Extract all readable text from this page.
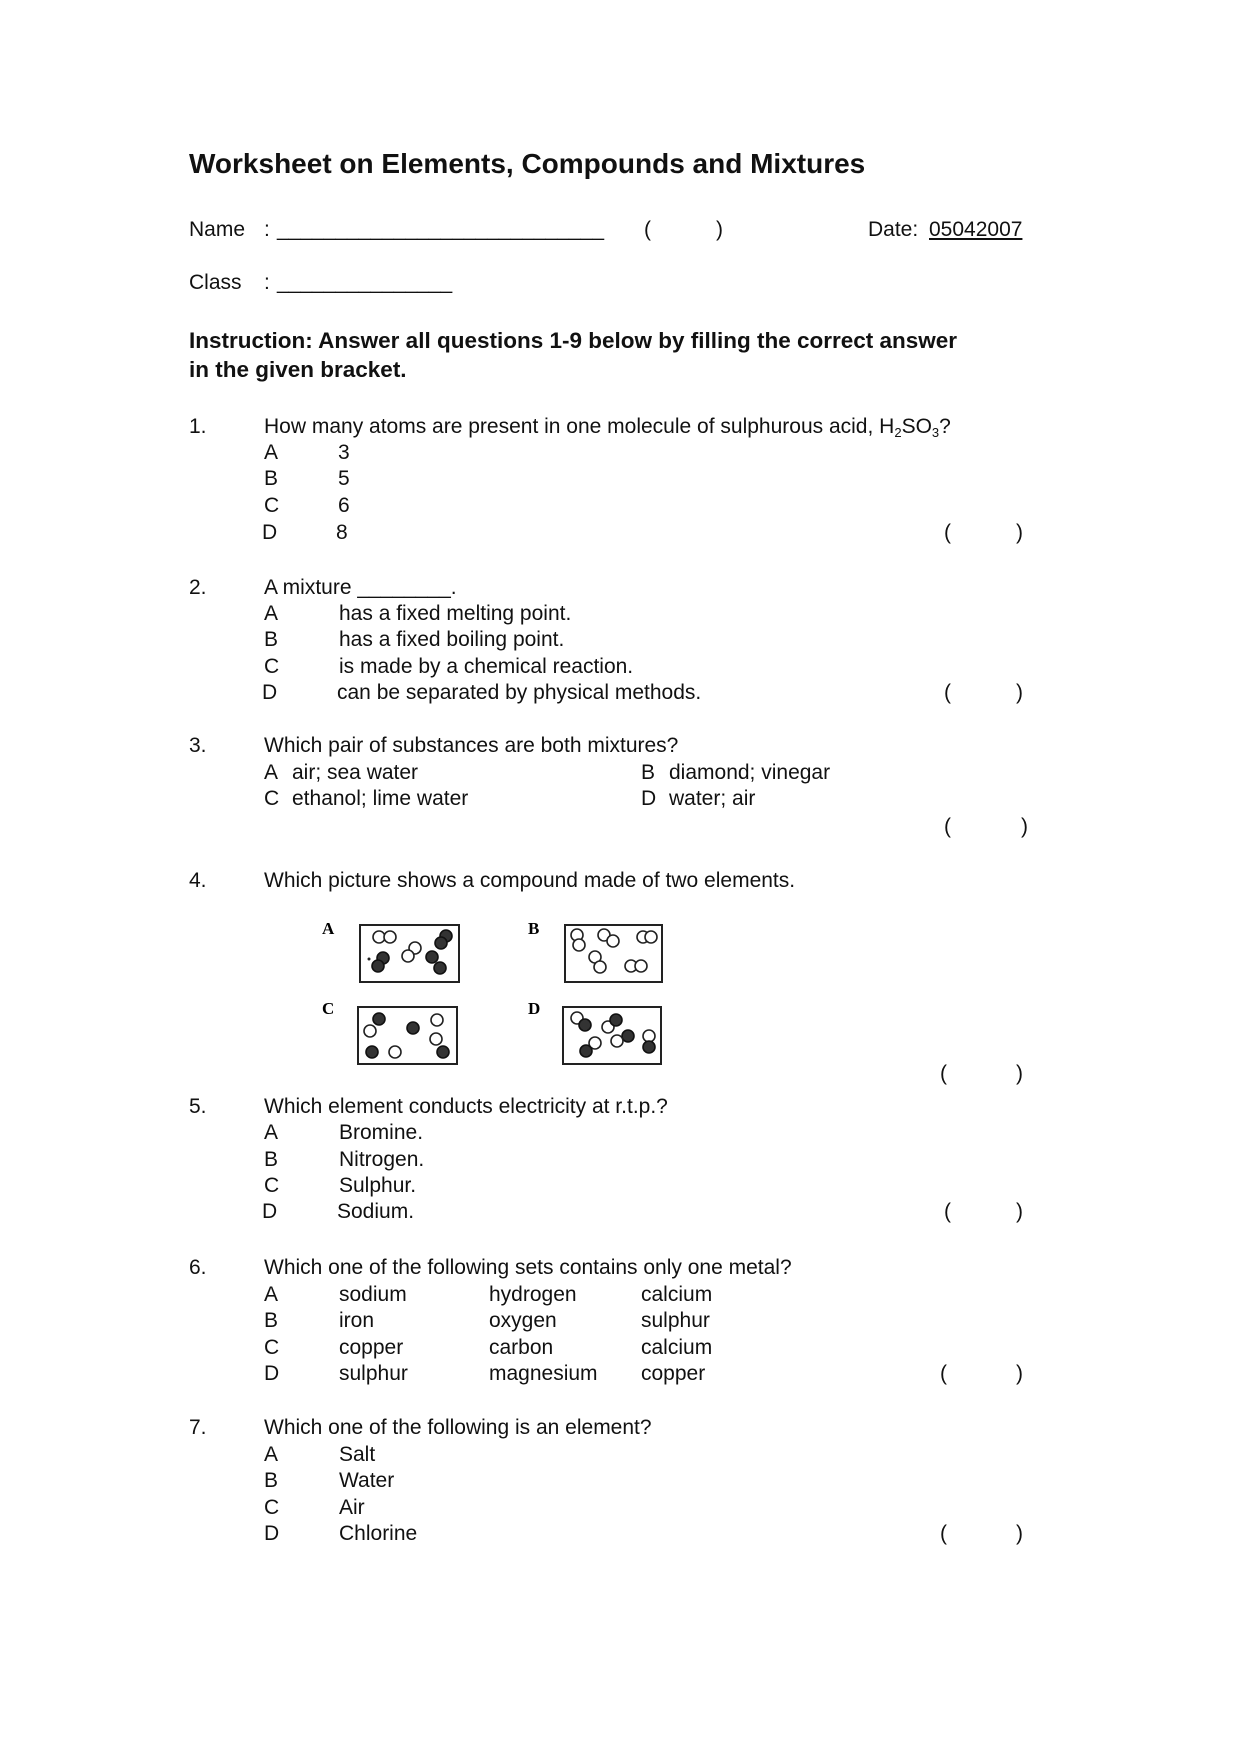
Worksheet on Elements, Compounds and Mixtures
Name : ____________________________ (	)	Date: 05042007
Class : _______________
Instruction: Answer all questions 1-9 below by filling the correct answer
in the given bracket.
1.	How many atoms are present in one molecule of sulphurous acid, $H_2SO_3$?
A	3
B	5
C	6
D	8	(	)
2.	A mixture ________.
A	has a fixed melting point.
B	has a fixed boiling point.
C	is made by a chemical reaction.
D	can be separated by physical methods.	(	)
3.	Which pair of substances are both mixtures?
A air; sea water	B diamond; vinegar
C ethanol; lime water	D water; air
(	)
4.	Which picture shows a compound made of two elements.
A	B
C	D
(	)
5.	Which element conducts electricity at r.t.p.?
A	Bromine.
B	Nitrogen.
C	Sulphur.
D	Sodium.	(	)
6.	Which one of the following sets contains only one metal?
A	sodium	hydrogen	calcium
B	iron	oxygen	sulphur
C	copper	carbon	calcium
D	sulphur	magnesium copper	(	)
7.	Which one of the following is an element?
A	Salt
B	Water
C	Air
D	Chlorine	(	)
